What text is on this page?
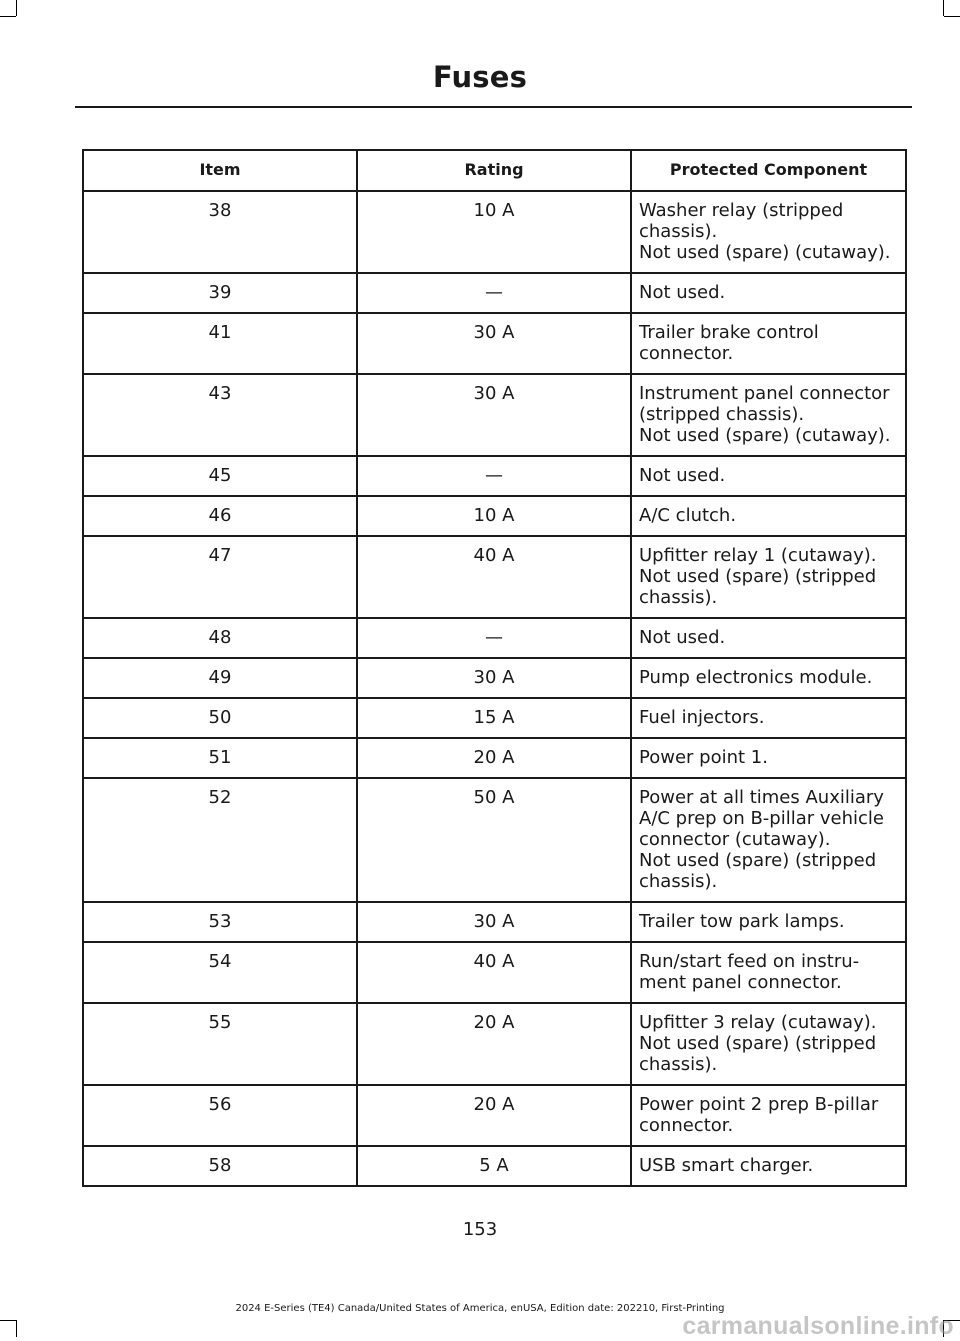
Fuses
Item	Rating	Protected Component
38	10 A	Washer relay (stripped
chassis).
Not used (spare) (cutaway).

39	—	Not used.

41	30 A	Trailer brake control
connector.

43	30 A	Instrument panel connector
(stripped chassis).
Not used (spare) (cutaway).

45	—	Not used.

46	10 A	A/C clutch.

47	40 A	Upfitter relay 1 (cutaway).
Not used (spare) (stripped
chassis).

48	—	Not used.

49	30 A	Pump electronics module.

50	15 A	Fuel injectors.

51	20 A	Power point 1.

52	50 A	Power at all times Auxiliary
A/C prep on B-pillar vehicle
connector (cutaway).
Not used (spare) (stripped
chassis).

53	30 A	Trailer tow park lamps.

54	40 A	Run/start feed on instru-
ment panel connector.

55	20 A	Upfitter 3 relay (cutaway).
Not used (spare) (stripped
chassis).

56	20 A	Power point 2 prep B-pillar
connector.

58	5 A	USB smart charger.
153
2024 E-Series (TE4) Canada/United States of America, enUSA, Edition date: 202210, First-Printing
carmanualsonline.info
